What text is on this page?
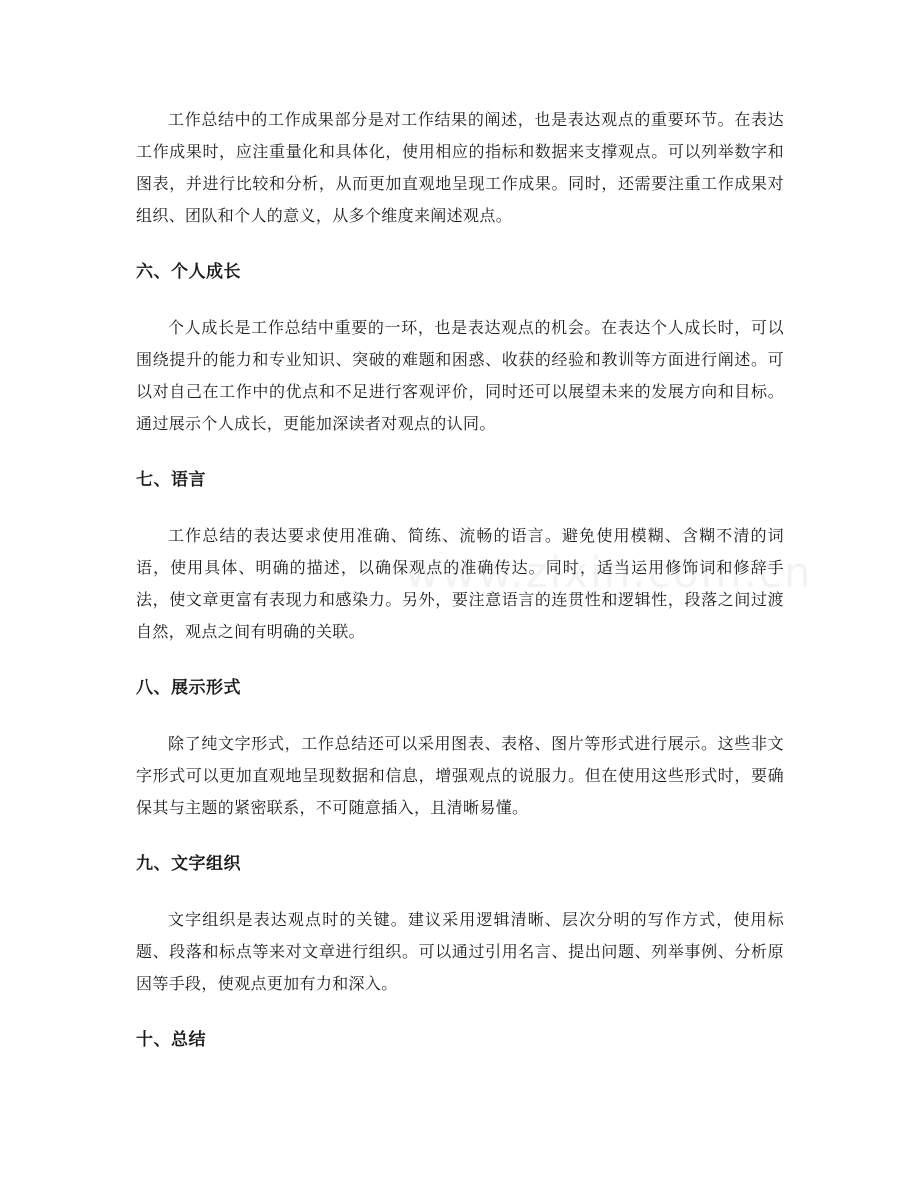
工作总结中的工作成果部分是对工作结果的阐述，也是表达观点的重要环节。在表达工作成果时，应注重量化和具体化，使用相应的指标和数据来支撑观点。可以列举数字和图表，并进行比较和分析，从而更加直观地呈现工作成果。同时，还需要注重工作成果对组织、团队和个人的意义，从多个维度来阐述观点。

六、个人成长

个人成长是工作总结中重要的一环，也是表达观点的机会。在表达个人成长时，可以围绕提升的能力和专业知识、突破的难题和困惑、收获的经验和教训等方面进行阐述。可以对自己在工作中的优点和不足进行客观评价，同时还可以展望未来的发展方向和目标。通过展示个人成长，更能加深读者对观点的认同。

七、语言

工作总结的表达要求使用准确、简练、流畅的语言。避免使用模糊、含糊不清的词语，使用具体、明确的描述，以确保观点的准确传达。同时，适当运用修饰词和修辞手法，使文章更富有表现力和感染力。另外，要注意语言的连贯性和逻辑性，段落之间过渡自然，观点之间有明确的关联。

八、展示形式

除了纯文字形式，工作总结还可以采用图表、表格、图片等形式进行展示。这些非文字形式可以更加直观地呈现数据和信息，增强观点的说服力。但在使用这些形式时，要确保其与主题的紧密联系，不可随意插入，且清晰易懂。

九、文字组织

文字组织是表达观点时的关键。建议采用逻辑清晰、层次分明的写作方式，使用标题、段落和标点等来对文章进行组织。可以通过引用名言、提出问题、列举事例、分析原因等手段，使观点更加有力和深入。

十、总结
